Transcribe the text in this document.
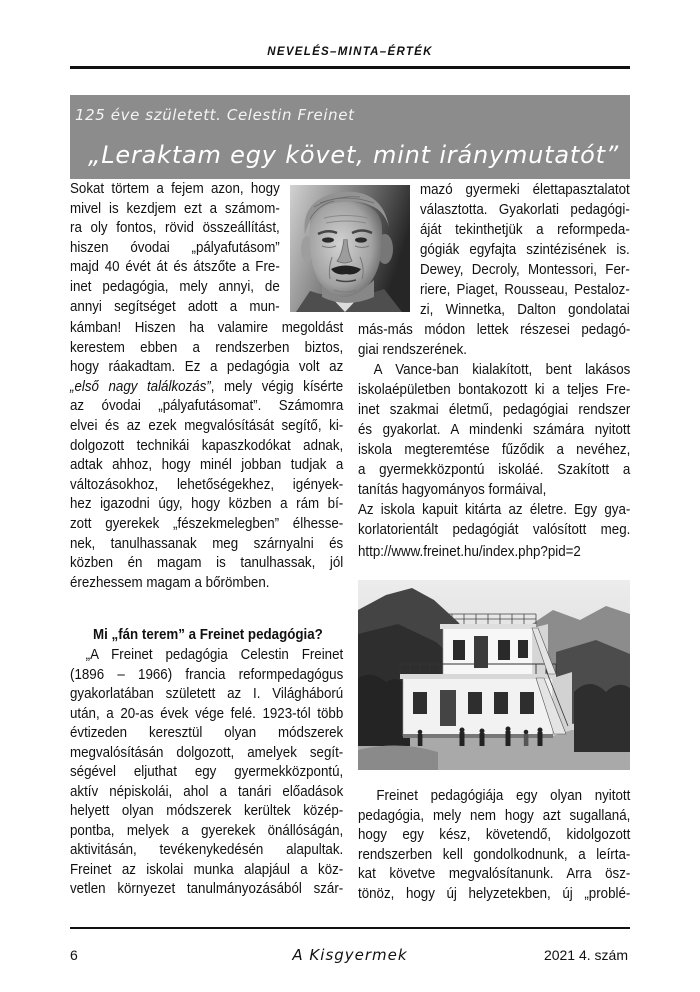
NEVELÉS–MINTA–ÉRTÉK
125 éve született. Celestin Freinet
„Leraktam egy követ, mint iránymutatót”
Sokat törtem a fejem azon, hogy
mivel is kezdjem ezt a számom-
ra oly fontos, rövid összeállítást,
hiszen óvodai „pályafutásom”
majd 40 évét át és átszőte a Fre-
inet pedagógia, mely annyi, de
annyi segítséget adott a mun-
kámban! Hiszen ha valamire megoldást
kerestem ebben a rendszerben biztos,
hogy ráakadtam. Ez a pedagógia volt az
„első nagy találkozás”, mely végig kísérte
az óvodai „pályafutásomat”. Számomra
elvei és az ezek megvalósítását segítő, ki-
dolgozott technikái kapaszkodókat adnak,
adtak ahhoz, hogy minél jobban tudjak a
változásokhoz, lehetőségekhez, igények-
hez igazodni úgy, hogy közben a rám bí-
zott gyerekek „fészekmelegben” élhesse-
nek, tanulhassanak meg szárnyalni és
közben én magam is tanulhassak, jól
érezhessem magam a bőrömben.
Mi „fán terem” a Freinet pedagógia?
„A Freinet pedagógia Celestin Freinet
(1896 – 1966) francia reformpedagógus
gyakorlatában született az I. Világháború
után, a 20-as évek vége felé. 1923-tól több
évtizeden keresztül olyan módszerek
megvalósításán dolgozott, amelyek segít-
ségével eljuthat egy gyermekközpontú,
aktív népiskolái, ahol a tanári előadások
helyett olyan módszerek kerültek közép-
pontba, melyek a gyerekek önállóságán,
aktivitásán, tevékenykedésén alapultak.
Freinet az iskolai munka alapjául a köz-
vetlen környezet tanulmányozásából szár-
mazó gyermeki élettapasztalatot
választotta. Gyakorlati pedagógi-
áját tekinthetjük a reformpeda-
gógiák egyfajta szintézisének is.
Dewey, Decroly, Montessori, Fer-
riere, Piaget, Rousseau, Pestaloz-
zi, Winnetka, Dalton gondolatai
más-más módon lettek részesei pedagó-
giai rendszerének.
A Vance-ban kialakított, bent lakásos
iskolaépületben bontakozott ki a teljes Fre-
inet szakmai életmű, pedagógiai rendszer
és gyakorlat. A mindenki számára nyitott
iskola megteremtése fűződik a nevéhez,
a gyermekközpontú iskoláé. Szakított a
tanítás hagyományos formáival,
Az iskola kapuit kitárta az életre. Egy gya-
korlatorientált pedagógiát valósított meg.
http://www.freinet.hu/index.php?pid=2
Freinet pedagógiája egy olyan nyitott
pedagógia, mely nem hogy azt sugallaná,
hogy egy kész, követendő, kidolgozott
rendszerben kell gondolkodnunk, a leírta-
kat követve megvalósítanunk. Arra ösz-
tönöz, hogy új helyzetekben, új „problé-
6	A Kisgyermek	2021 4. szám
